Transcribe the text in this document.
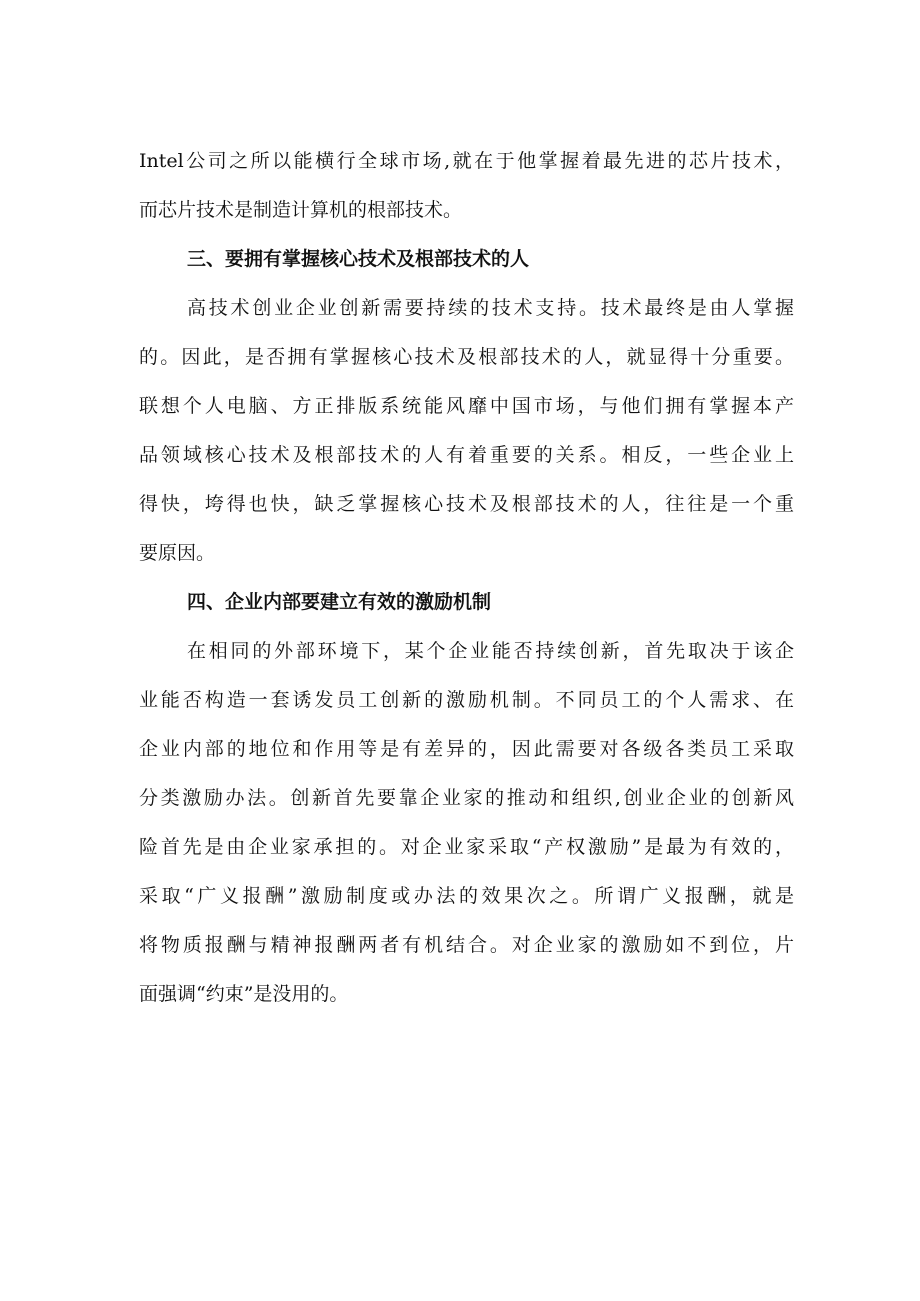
Intel公司之所以能横行全球市场,就在于他掌握着最先进的芯片技术，
而芯片技术是制造计算机的根部技术。
三、要拥有掌握核心技术及根部技术的人
高技术创业企业创新需要持续的技术支持。技术最终是由人掌握
的。因此，是否拥有掌握核心技术及根部技术的人，就显得十分重要。
联想个人电脑、方正排版系统能风靡中国市场，与他们拥有掌握本产
品领域核心技术及根部技术的人有着重要的关系。相反，一些企业上
得快，垮得也快，缺乏掌握核心技术及根部技术的人，往往是一个重
要原因。
四、企业内部要建立有效的激励机制
在相同的外部环境下，某个企业能否持续创新，首先取决于该企
业能否构造一套诱发员工创新的激励机制。不同员工的个人需求、在
企业内部的地位和作用等是有差异的，因此需要对各级各类员工采取
分类激励办法。创新首先要靠企业家的推动和组织,创业企业的创新风
险首先是由企业家承担的。对企业家采取“产权激励”是最为有效的，
采取“广义报酬”激励制度或办法的效果次之。所谓广义报酬，就是
将物质报酬与精神报酬两者有机结合。对企业家的激励如不到位，片
面强调“约束”是没用的。
